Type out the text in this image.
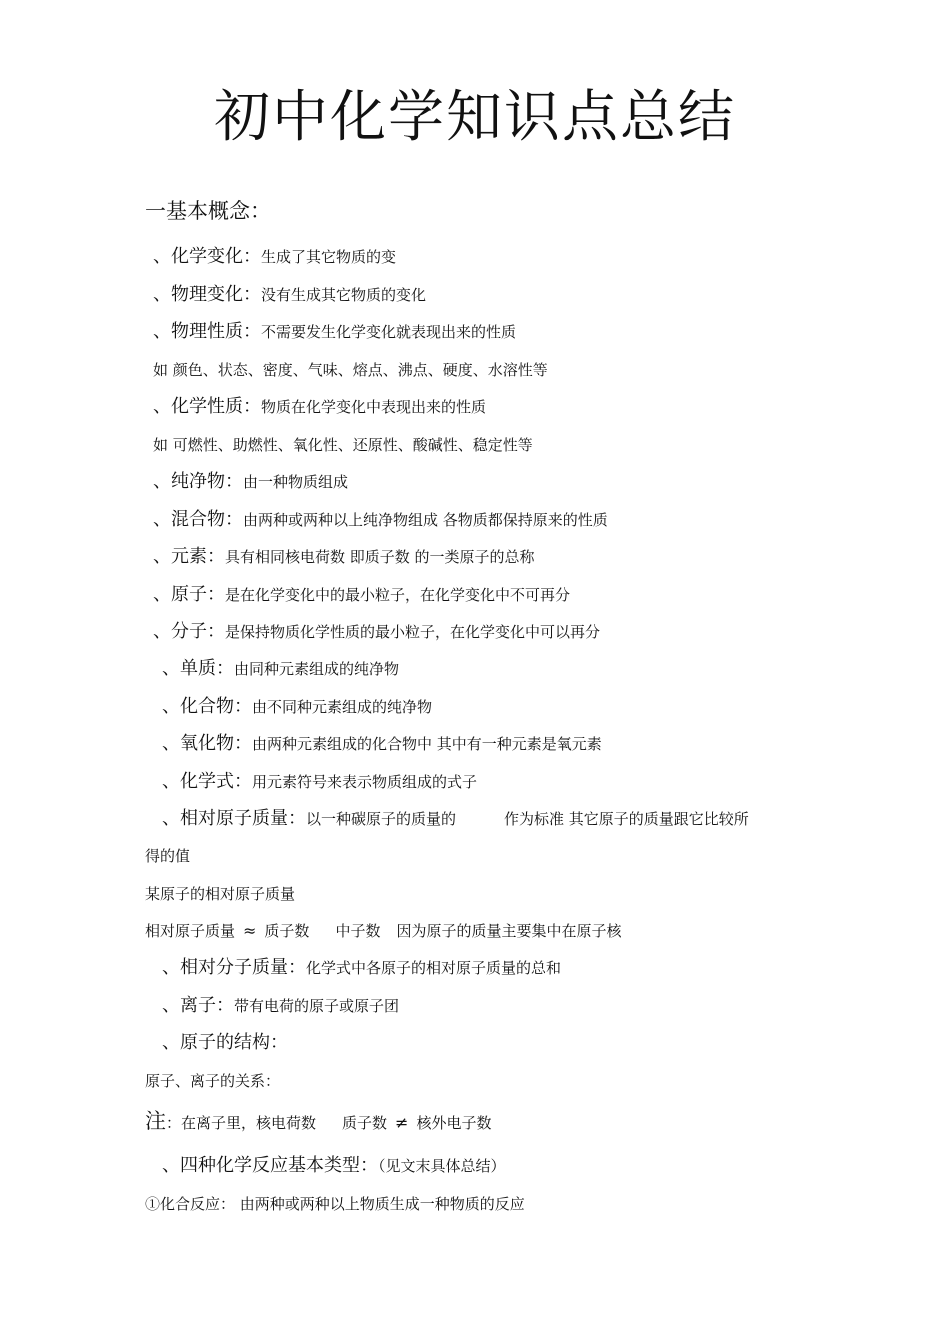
初中化学知识点总结
一基本概念：
、化学变化：生成了其它物质的变
、物理变化：没有生成其它物质的变化
、物理性质：不需要发生化学变化就表现出来的性质
如 颜色、状态、密度、气味、熔点、沸点、硬度、水溶性等
、化学性质：物质在化学变化中表现出来的性质
如 可燃性、助燃性、氧化性、还原性、酸碱性、稳定性等
、纯净物：由一种物质组成
、混合物：由两种或两种以上纯净物组成 各物质都保持原来的性质
、元素：具有相同核电荷数 即质子数 的一类原子的总称
、原子：是在化学变化中的最小粒子，在化学变化中不可再分
、分子：是保持物质化学性质的最小粒子，在化学变化中可以再分
、单质：由同种元素组成的纯净物
、化合物：由不同种元素组成的纯净物
、氧化物：由两种元素组成的化合物中 其中有一种元素是氧元素
、化学式：用元素符号来表示物质组成的式子
、相对原子质量：以一种碳原子的质量的	作为标准 其它原子的质量跟它比较所
得的值
某原子的相对原子质量
相对原子质量 ≈ 质子数 中子数 因为原子的质量主要集中在原子核
、相对分子质量：化学式中各原子的相对原子质量的总和
、离子：带有电荷的原子或原子团
、原子的结构：
原子、离子的关系：
注：在离子里，核电荷数 质子数 ≠ 核外电子数
、四种化学反应基本类型：（见文末具体总结）
①化合反应： 由两种或两种以上物质生成一种物质的反应
